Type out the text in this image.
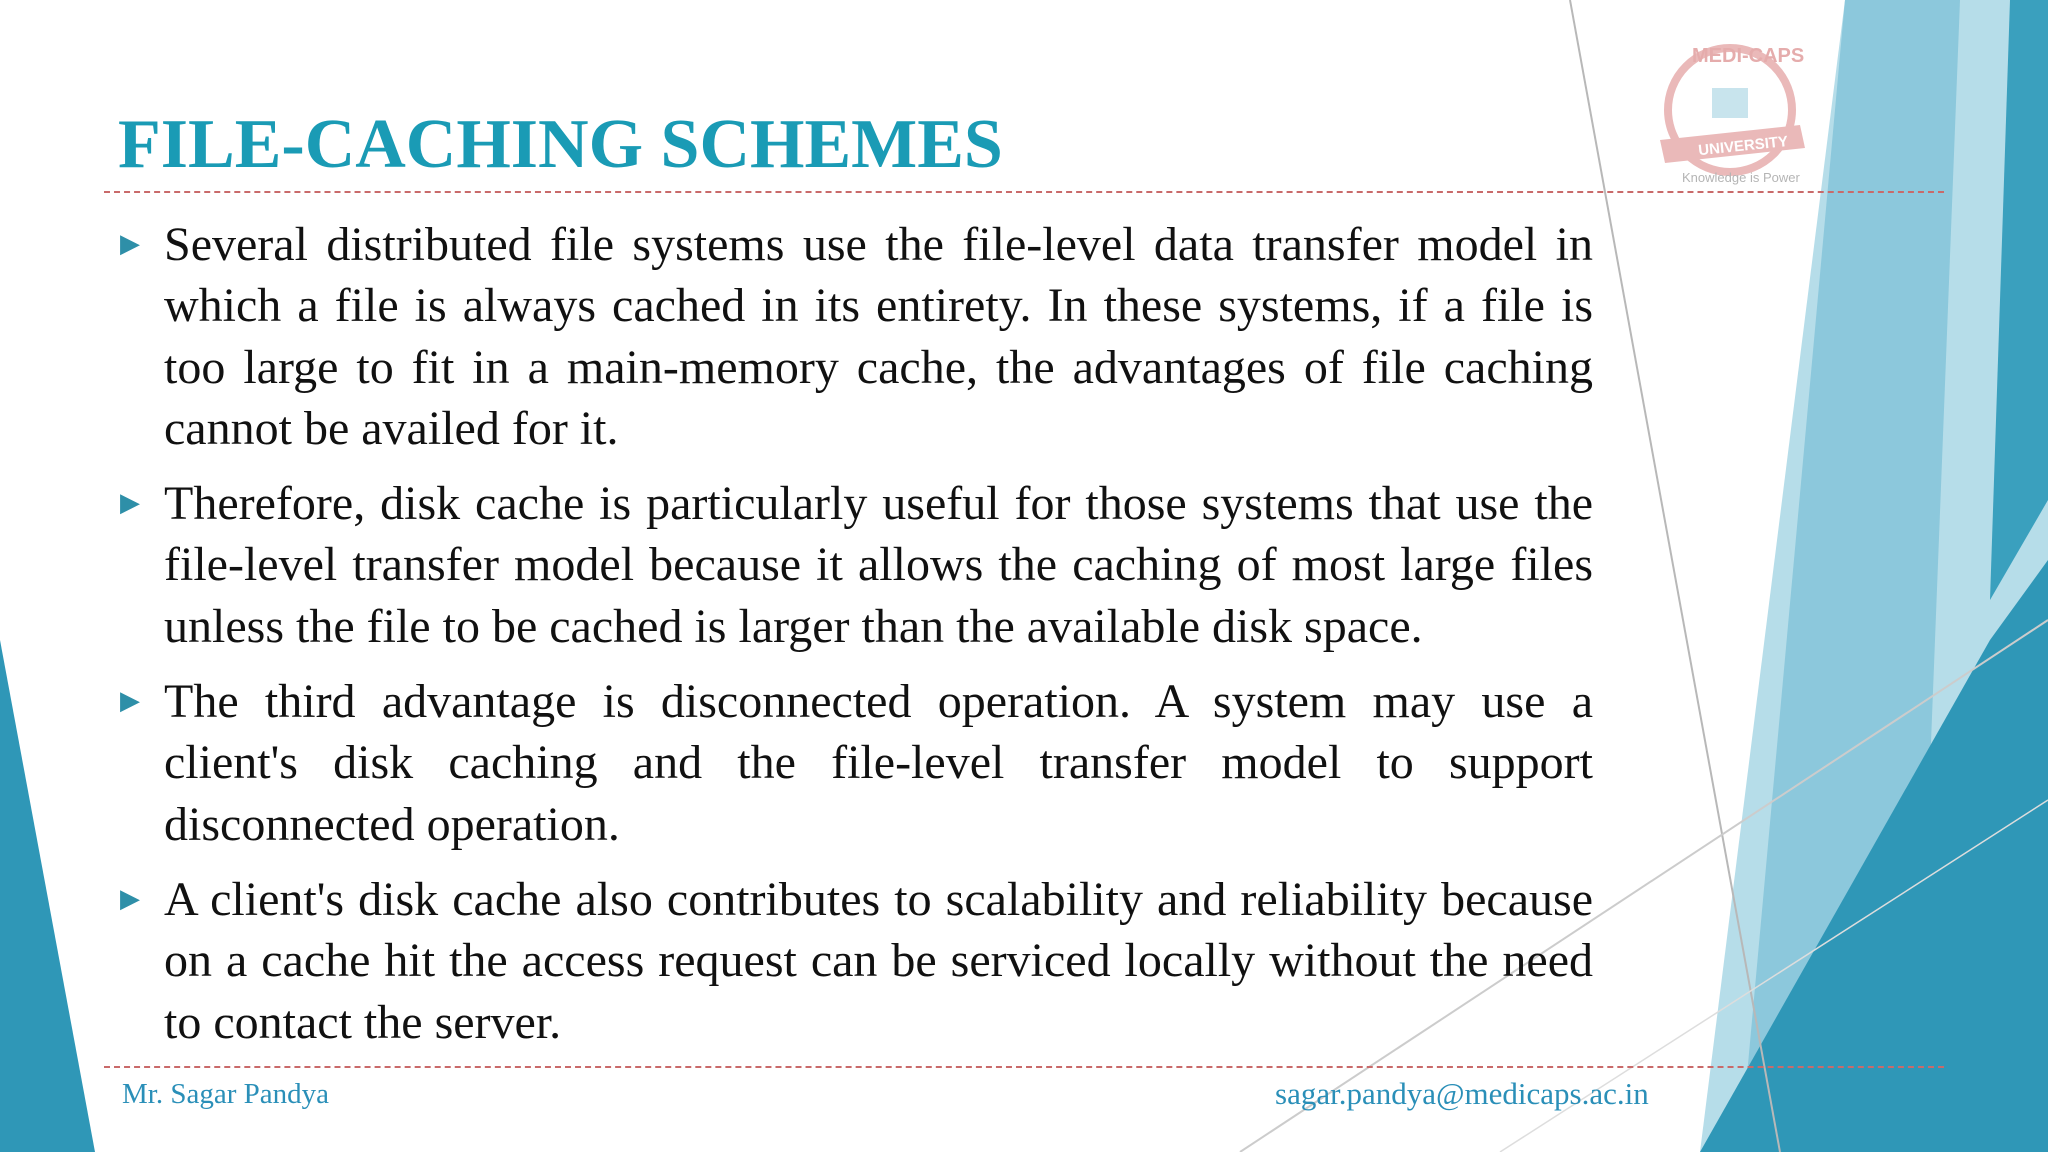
MEDI-CAPS
UNIVERSITY
Knowledge is Power
FILE-CACHING SCHEMES
▶ Several distributed file systems use the file-level data transfer model in which a file is always cached in its entirety. In these systems, if a file is too large to fit in a main-memory cache, the advantages of file caching cannot be availed for it.

▶ Therefore, disk cache is particularly useful for those systems that use the file-level transfer model because it allows the caching of most large files unless the file to be cached is larger than the available disk space.

▶ The third advantage is disconnected operation. A system may use a client's disk caching and the file-level transfer model to support disconnected operation.

▶ A client's disk cache also contributes to scalability and reliability because on a cache hit the access request can be serviced locally without the need to contact the server.

Mr. Sagar Pandya	sagar.pandya@medicaps.ac.in
